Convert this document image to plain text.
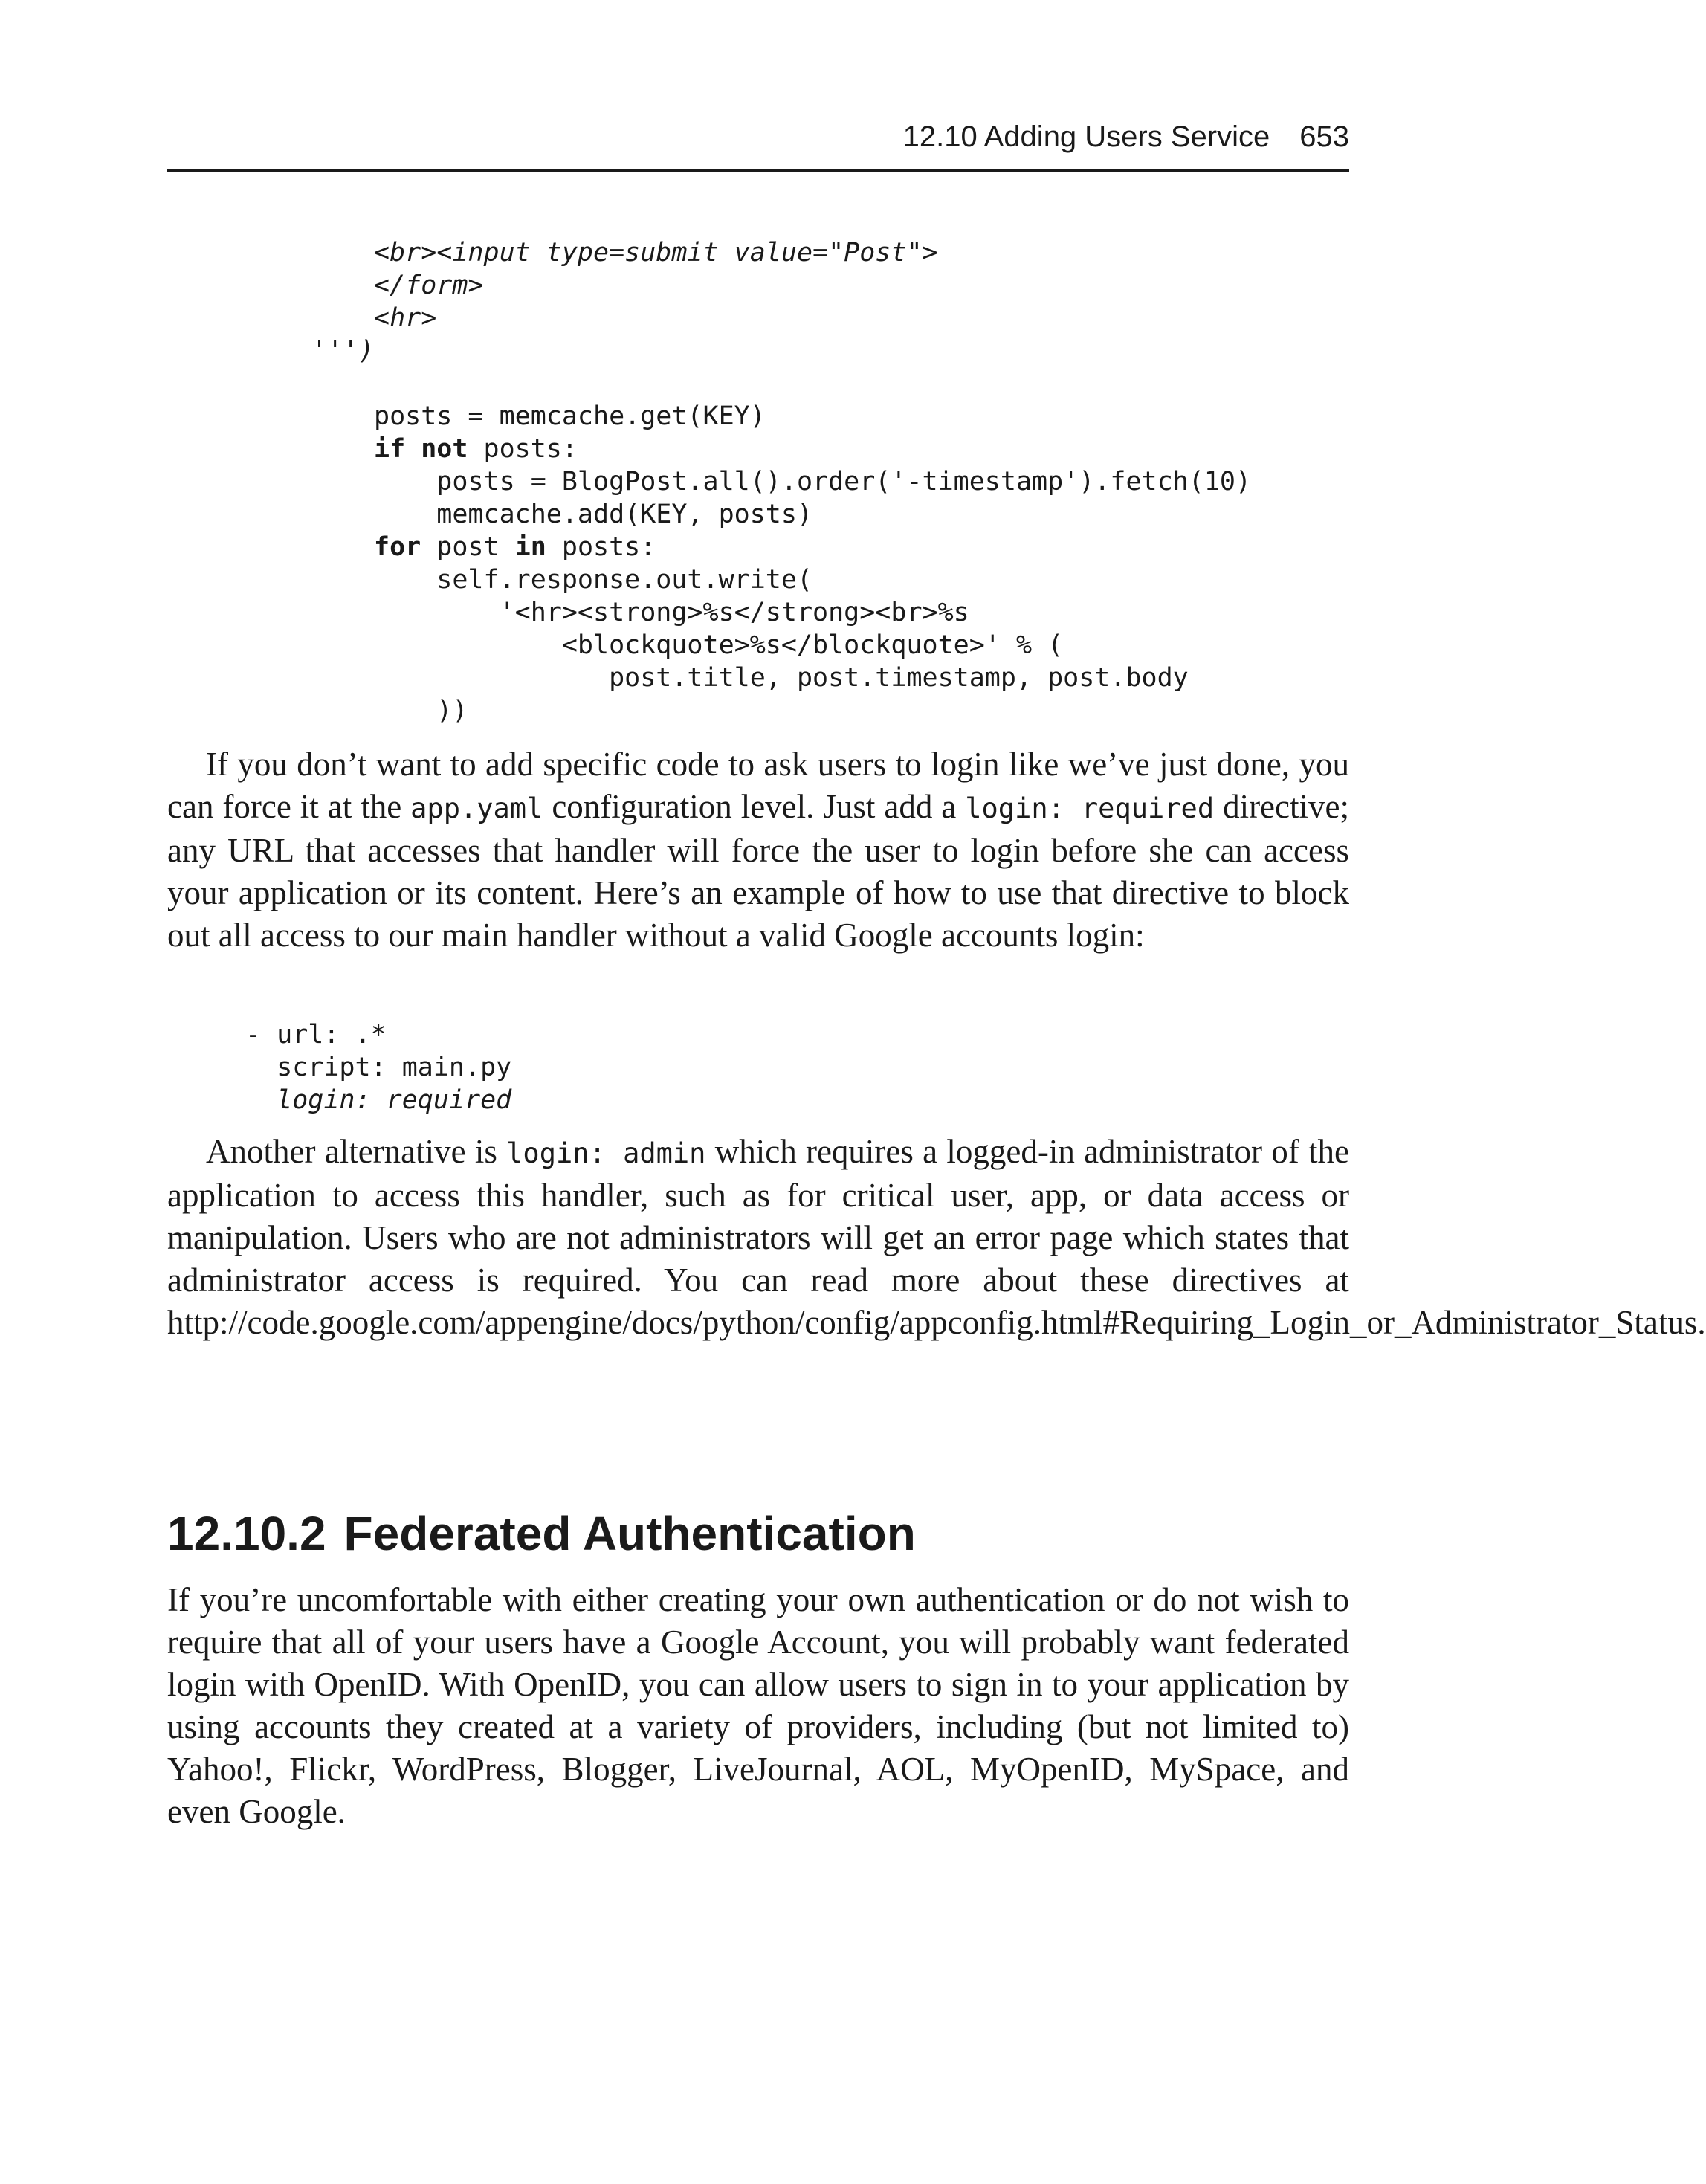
12.10 Adding Users Service 653
<br><input type=submit value="Post">
</form>
<hr>
''')
posts = memcache.get(KEY)
if not posts:
posts = BlogPost.all().order('-timestamp').fetch(10)
memcache.add(KEY, posts)
for post in posts:
self.response.out.write(
'<hr><strong>%s</strong><br>%s
<blockquote>%s</blockquote>' % (
post.title, post.timestamp, post.body
))

If you don’t want to add specific code to ask users to login like we’ve just done, you can force it at the app.yaml configuration level. Just add a login: required directive; any URL that accesses that handler will force the user to login before she can access your application or its content. Here’s an example of how to use that directive to block out all access to our main handler without a valid Google accounts login:

- url: .*
script: main.py
login: required

Another alternative is login: admin which requires a logged-in administrator of the application to access this handler, such as for critical user, app, or data access or manipulation. Users who are not administrators will get an error page which states that administrator access is required. You can read more about these directives at http://code.google.com/appengine/docs/python/config/appconfig.html#Requiring_Login_or_Administrator_Status.

12.10.2 Federated Authentication

If you’re uncomfortable with either creating your own authentication or do not wish to require that all of your users have a Google Account, you will probably want federated login with OpenID. With OpenID, you can allow users to sign in to your application by using accounts they created at a variety of providers, including (but not limited to) Yahoo!, Flickr, WordPress, Blogger, LiveJournal, AOL, MyOpenID, MySpace, and even Google.
